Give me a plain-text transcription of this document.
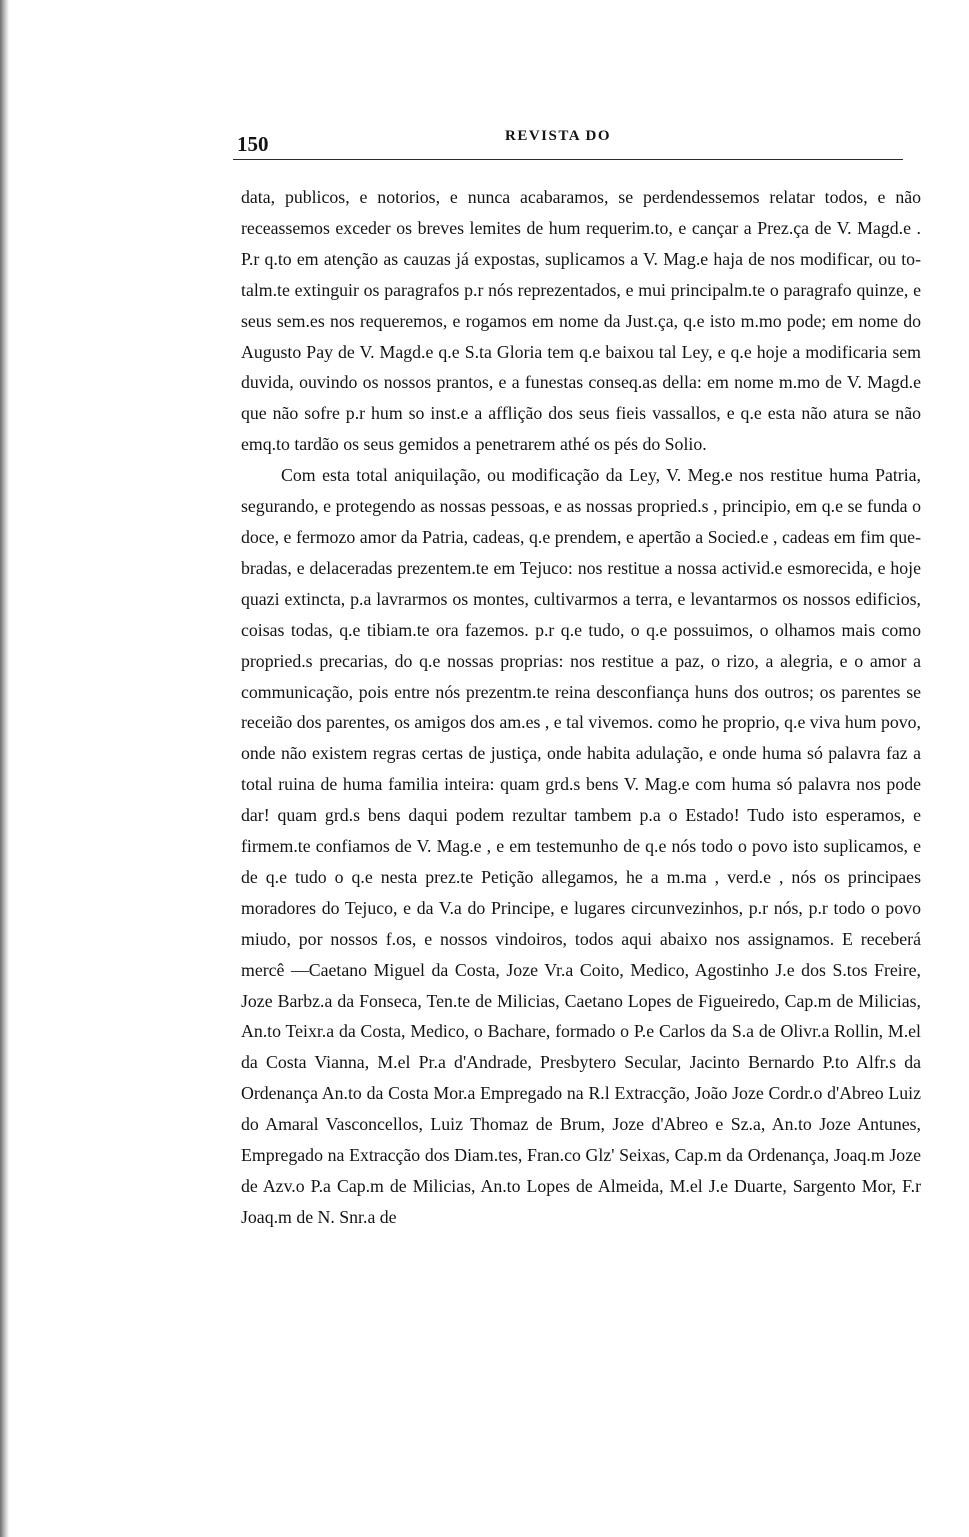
150	REVISTA DO

data, publicos, e notorios, e nunca acabaramos, se perdendessemos relatar todos, e não receassemos exceder os breves lemites de hum requerim.to, e cançar a Prez.ça de V. Magd.e . P.r q.to em atenção as cauzas já expostas, suplicamos a V. Mag.e haja de nos modificar, ou totalm.te extinguir os paragrafos p.r nós reprezentados, e mui principalm.te o paragrafo quinze, e seus sem.es nos requeremos, e rogamos em nome da Just.ça, q.e isto m.mo pode; em nome do Augusto Pay de V. Magd.e q.e S.ta Gloria tem q.e baixou tal Ley, e q.e hoje a modificaria sem duvida, ouvindo os nossos prantos, e a funestas conseq.as della: em nome m.mo de V. Magd.e que não sofre p.r hum so inst.e a afflição dos seus fieis vassallos, e q.e esta não atura se não emq.to tardão os seus gemidos a penetrarem athé os pés do Solio.

Com esta total aniquilação, ou modificação da Ley, V. Meg.e nos restitue huma Patria, segurando, e protegendo as nossas pessoas, e as nossas propried.s , principio, em q.e se funda o doce, e fermozo amor da Patria, cadeas, q.e prendem, e apertão a Socied.e , cadeas em fim quebradas, e delaceradas prezentem.te em Tejuco: nos restitue a nossa activid.e esmorecida, e hoje quazi extincta, p.a lavrarmos os montes, cultivarmos a terra, e levantarmos os nossos edificios, coisas todas, q.e tibiam.te ora fazemos. p.r q.e tudo, o q.e possuimos, o olhamos mais como propried.s precarias, do q.e nossas proprias: nos restitue a paz, o rizo, a alegria, e o amor a communicação, pois entre nós prezentm.te reina desconfiança huns dos outros; os parentes se receião dos parentes, os amigos dos am.es , e tal vivemos. como he proprio, q.e viva hum povo, onde não existem regras certas de justiça, onde habita adulação, e onde huma só palavra faz a total ruina de huma familia inteira: quam grd.s bens V. Mag.e com huma só palavra nos pode dar! quam grd.s bens daqui podem rezultar tambem p.a o Estado! Tudo isto esperamos, e firmem.te confiamos de V. Mag.e , e em testemunho de q.e nós todo o povo isto suplicamos, e de q.e tudo o q.e nesta prez.te Petição allegamos, he a m.ma , verd.e , nós os principaes moradores do Tejuco, e da V.a do Principe, e lugares circunvezinhos, p.r nós, p.r todo o povo miudo, por nossos f.os, e nossos vindoiros, todos aqui abaixo nos assignamos. E receberá mercê —Caetano Miguel da Costa, Joze Vr.a Coito, Medico, Agostinho J.e dos S.tos Freire, Joze Barbz.a da Fonseca, Ten.te de Milicias, Caetano Lopes de Figueiredo, Cap.m de Milicias, An.to Teixr.a da Costa, Medico, o Bachare, formado o P.e Carlos da S.a de Olivr.a Rollin, M.el da Costa Vianna, M.el Pr.a d'Andrade, Presbytero Secular, Jacinto Bernardo P.to Alfr.s da Ordenança An.to da Costa Mor.a Empregado na R.l Extracção, João Joze Cordr.o d'Abreo Luiz do Amaral Vasconcellos, Luiz Thomaz de Brum, Joze d'Abreo e Sz.a, An.to Joze Antunes, Empregado na Extracção dos Diam.tes, Fran.co Glz' Seixas, Cap.m da Ordenança, Joaq.m Joze de Azv.o P.a Cap.m de Milicias, An.to Lopes de Almeida, M.el J.e Duarte, Sargento Mor, F.r Joaq.m de N. Snr.a de
